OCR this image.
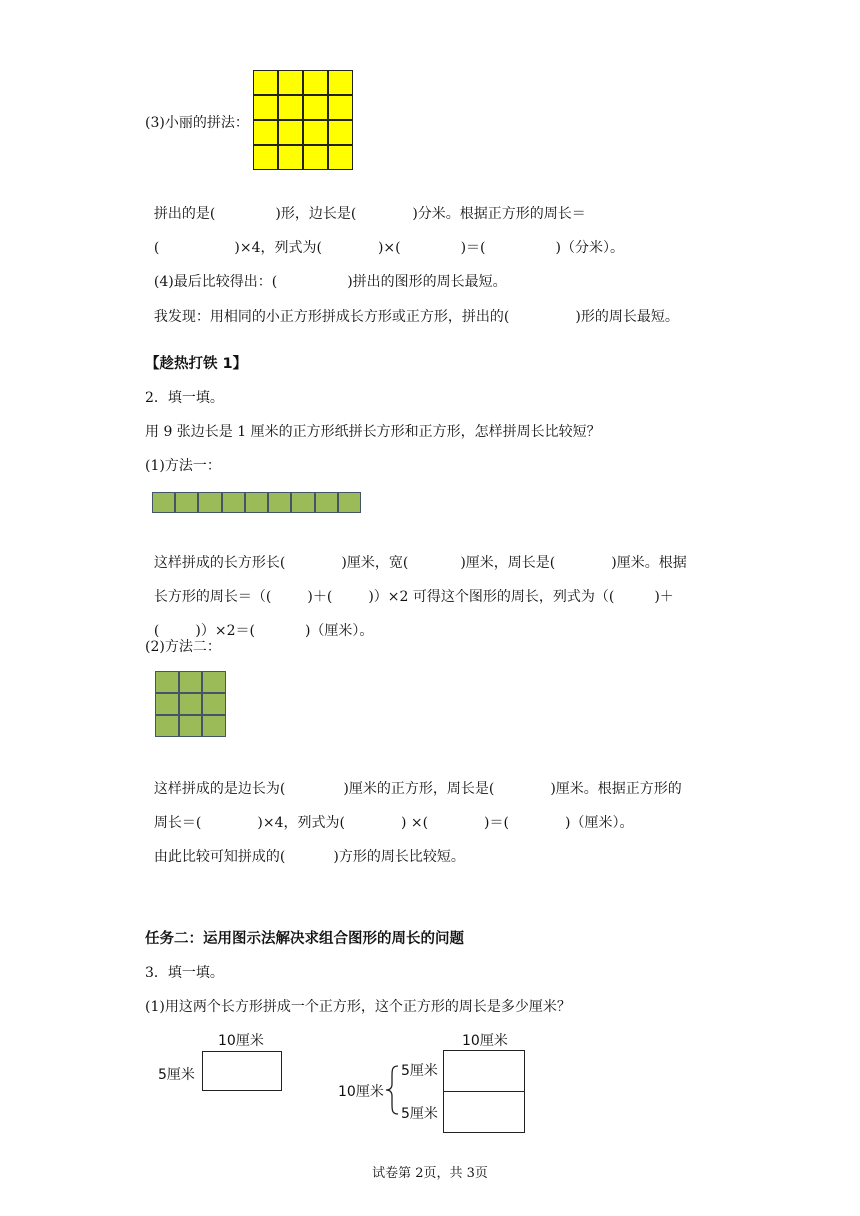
(3)小丽的拼法：

拼出的是(	)形，边长是(	)分米。根据正方形的周长＝

(	)×4，列式为(	)×(	)＝(	)（分米）。

(4)最后比较得出：(	)拼出的图形的周长最短。

我发现：用相同的小正方形拼成长方形或正方形，拼出的(	)形的周长最短。

【趁热打铁 1】
2．填一填。
用 9 张边长是 1 厘米的正方形纸拼长方形和正方形，怎样拼周长比较短？
(1)方法一：

这样拼成的长方形长(	)厘米，宽(	)厘米，周长是(	)厘米。根据

长方形的周长＝（(	)＋(	)）×2 可得这个图形的周长，列式为（(	)＋

(	)）×2＝(	)（厘米）。

(2)方法二：

这样拼成的是边长为(	)厘米的正方形，周长是(	)厘米。根据正方形的

周长＝(	)×4，列式为(	) ×(	)＝(	)（厘米）。

由此比较可知拼成的(	)方形的周长比较短。

任务二：运用图示法解决求组合图形的周长的问题
3．填一填。
(1)用这两个长方形拼成一个正方形，这个正方形的周长是多少厘米？
10厘米
5厘米
10厘米
5厘米
5厘米
10厘米
试卷第 2页，共 3页
